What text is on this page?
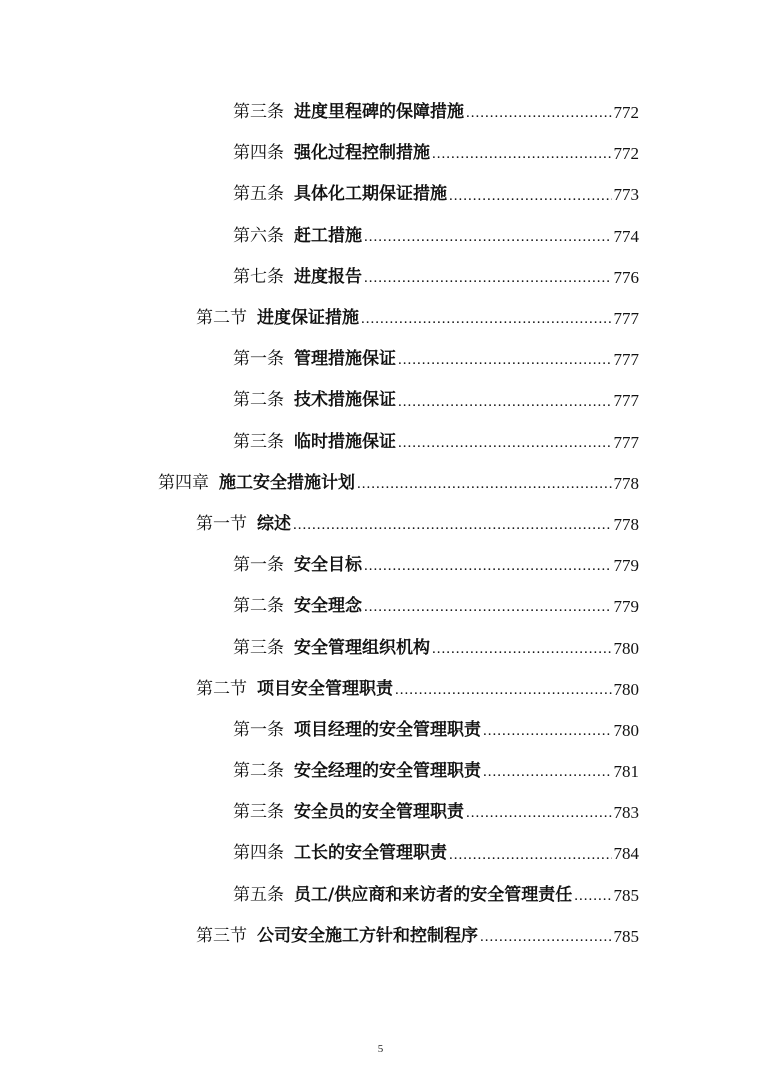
第三条 进度里程碑的保障措施 .....	772
第四条 强化过程控制措施 .....	772
第五条 具体化工期保证措施 .....	773
第六条 赶工措施 .....	774
第七条 进度报告 .....	776
第二节 进度保证措施 .....	777
第一条 管理措施保证 .....	777
第二条 技术措施保证 .....	777
第三条 临时措施保证 .....	777
第四章 施工安全措施计划 .....	778
第一节 综述 .....	778
第一条 安全目标 .....	779
第二条 安全理念 .....	779
第三条 安全管理组织机构 .....	780
第二节 项目安全管理职责 .....	780
第一条 项目经理的安全管理职责 .....	780
第二条 安全经理的安全管理职责 .....	781
第三条 安全员的安全管理职责 .....	783
第四条 工长的安全管理职责 .....	784
第五条 员工/供应商和来访者的安全管理责任 ..... 785
第三节 公司安全施工方针和控制程序 .....	785
5
